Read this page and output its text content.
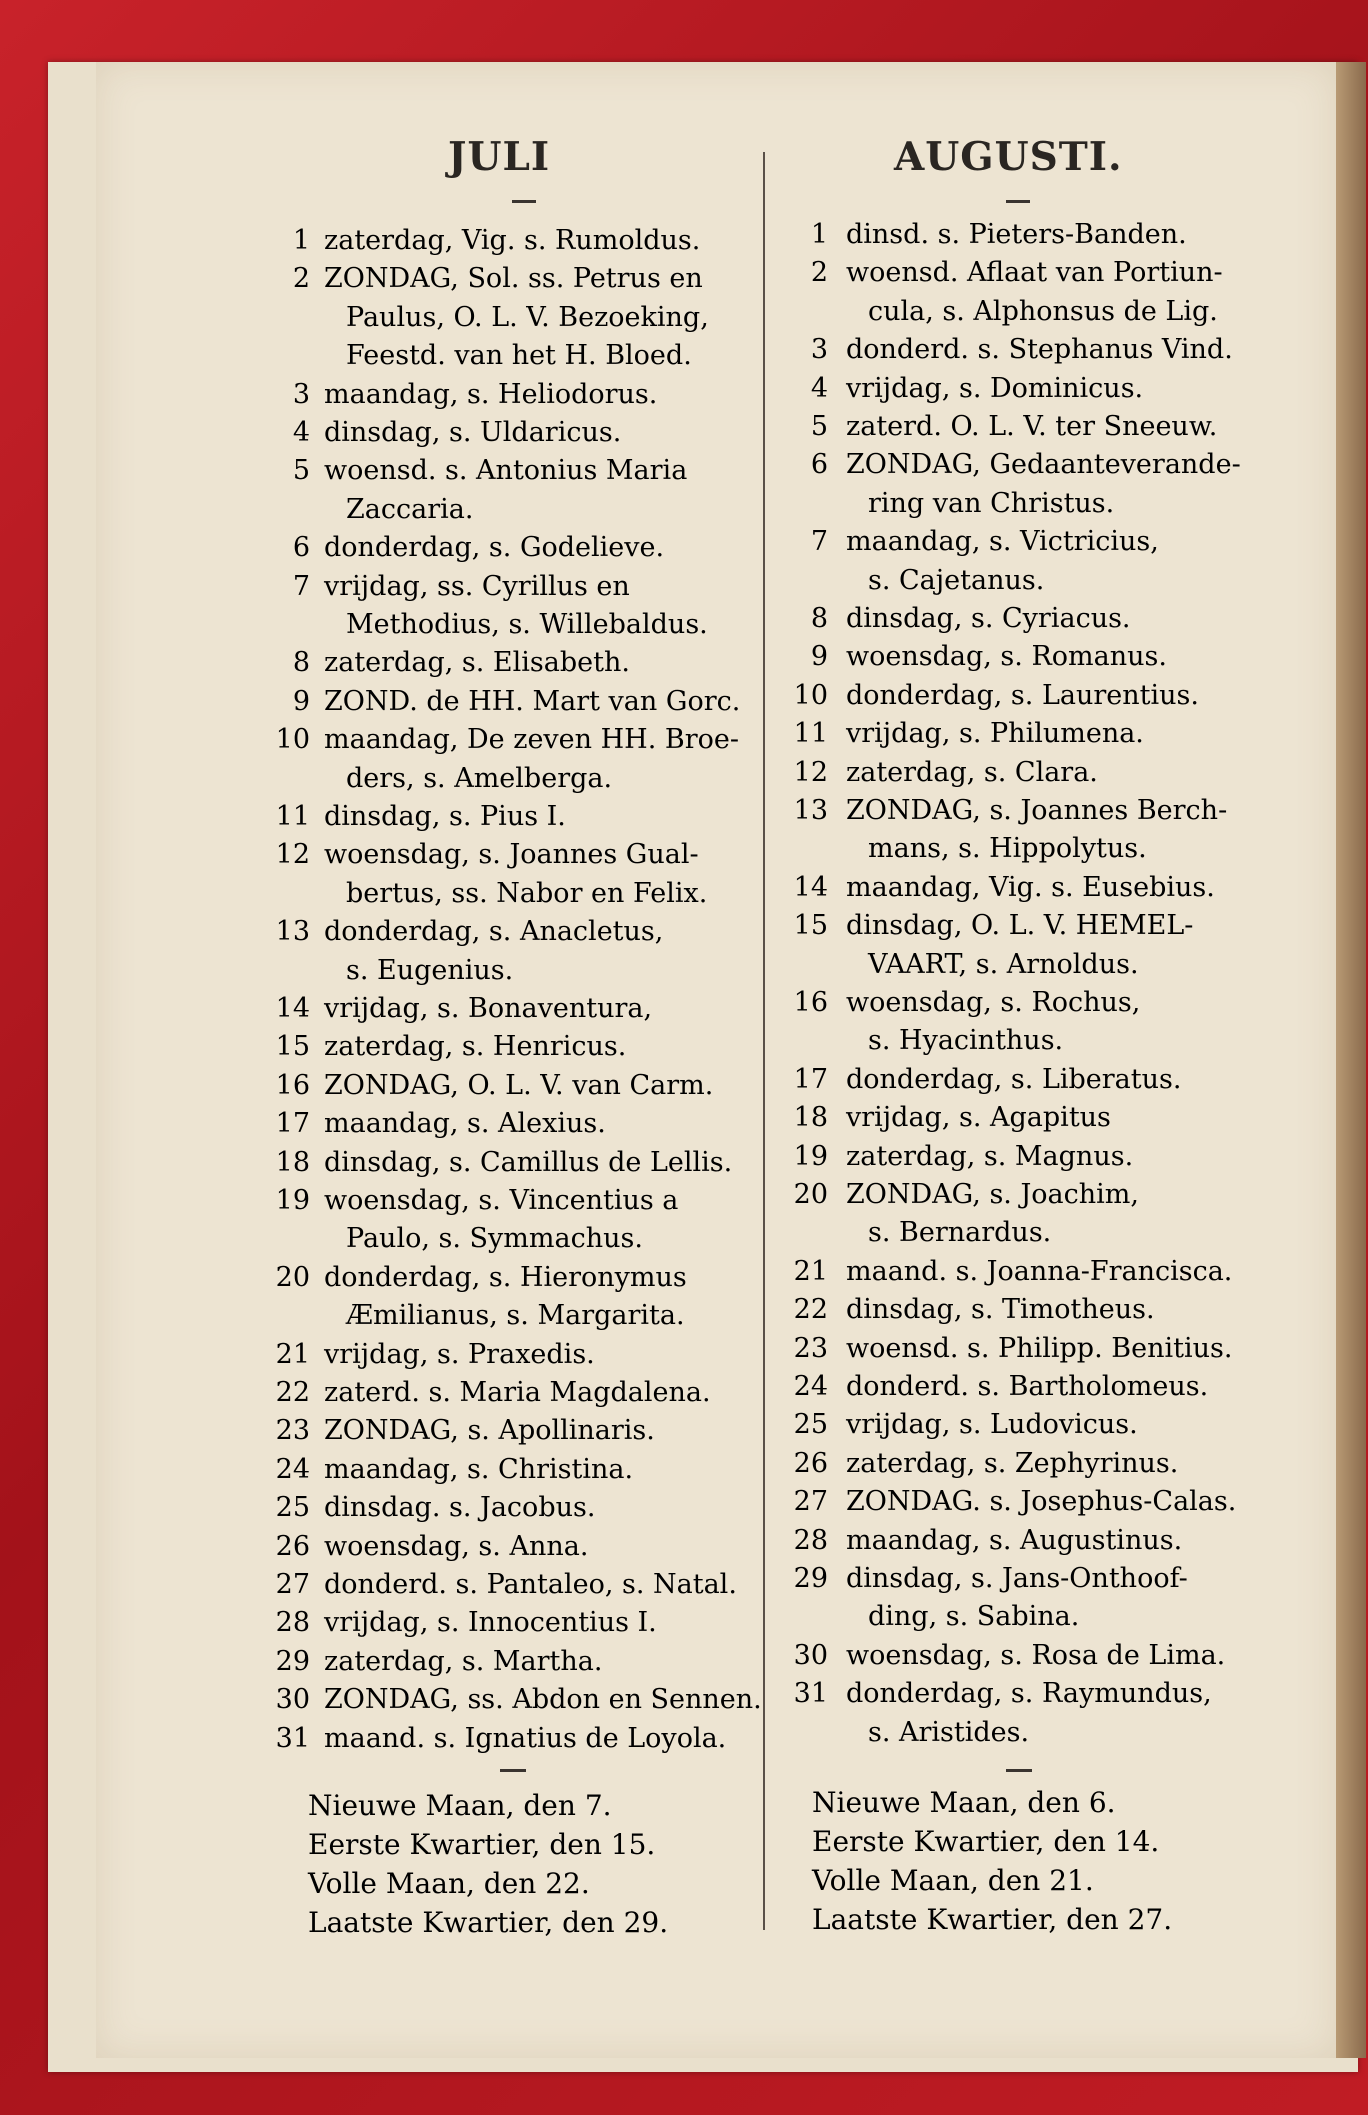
JULI	AUGUSTI.
1 zaterdag, Vig. s. Rumoldus.
2 ZONDAG, Sol. ss. Petrus en
Paulus, O. L. V. Bezoeking,
Feestd. van het H. Bloed.
3 maandag, s. Heliodorus.
4 dinsdag, s. Uldaricus.
5 woensd. s. Antonius Maria
Zaccaria.
6 donderdag, s. Godelieve.
7 vrijdag, ss. Cyrillus en
Methodius, s. Willebaldus.
8 zaterdag, s. Elisabeth.
9 ZOND. de HH. Mart van Gorc.
10 maandag, De zeven HH. Broe-
ders, s. Amelberga.
11 dinsdag, s. Pius I.
12 woensdag, s. Joannes Gual-
bertus, ss. Nabor en Felix.
13 donderdag, s. Anacletus,
s. Eugenius.
14 vrijdag, s. Bonaventura,
15 zaterdag, s. Henricus.
16 ZONDAG, O. L. V. van Carm.
17 maandag, s. Alexius.
18 dinsdag, s. Camillus de Lellis.
19 woensdag, s. Vincentius a
Paulo, s. Symmachus.
20 donderdag, s. Hieronymus
Æmilianus, s. Margarita.
21 vrijdag, s. Praxedis.
22 zaterd. s. Maria Magdalena.
23 ZONDAG, s. Apollinaris.
24 maandag, s. Christina.
25 dinsdag. s. Jacobus.
26 woensdag, s. Anna.
27 donderd. s. Pantaleo, s. Natal.
28 vrijdag, s. Innocentius I.
29 zaterdag, s. Martha.
30 ZONDAG, ss. Abdon en Sennen.
31 maand. s. Ignatius de Loyola.
1 dinsd. s. Pieters-Banden.
2 woensd. Aflaat van Portiun-
cula, s. Alphonsus de Lig.
3 donderd. s. Stephanus Vind.
4 vrijdag, s. Dominicus.
5 zaterd. O. L. V. ter Sneeuw.
6 ZONDAG, Gedaanteverande-
ring van Christus.
7 maandag, s. Victricius,
s. Cajetanus.
8 dinsdag, s. Cyriacus.
9 woensdag, s. Romanus.
10 donderdag, s. Laurentius.
11 vrijdag, s. Philumena.
12 zaterdag, s. Clara.
13 ZONDAG, s. Joannes Berch-
mans, s. Hippolytus.
14 maandag, Vig. s. Eusebius.
15 dinsdag, O. L. V. HEMEL-
VAART, s. Arnoldus.
16 woensdag, s. Rochus,
s. Hyacinthus.
17 donderdag, s. Liberatus.
18 vrijdag, s. Agapitus
19 zaterdag, s. Magnus.
20 ZONDAG, s. Joachim,
s. Bernardus.
21 maand. s. Joanna-Francisca.
22 dinsdag, s. Timotheus.
23 woensd. s. Philipp. Benitius.
24 donderd. s. Bartholomeus.
25 vrijdag, s. Ludovicus.
26 zaterdag, s. Zephyrinus.
27 ZONDAG. s. Josephus-Calas.
28 maandag, s. Augustinus.
29 dinsdag, s. Jans-Onthoof-
ding, s. Sabina.
30 woensdag, s. Rosa de Lima.
31 donderdag, s. Raymundus,
s. Aristides.
Nieuwe Maan, den 7.
Eerste Kwartier, den 15.
Volle Maan, den 22.
Laatste Kwartier, den 29.
Nieuwe Maan, den 6.
Eerste Kwartier, den 14.
Volle Maan, den 21.
Laatste Kwartier, den 27.
